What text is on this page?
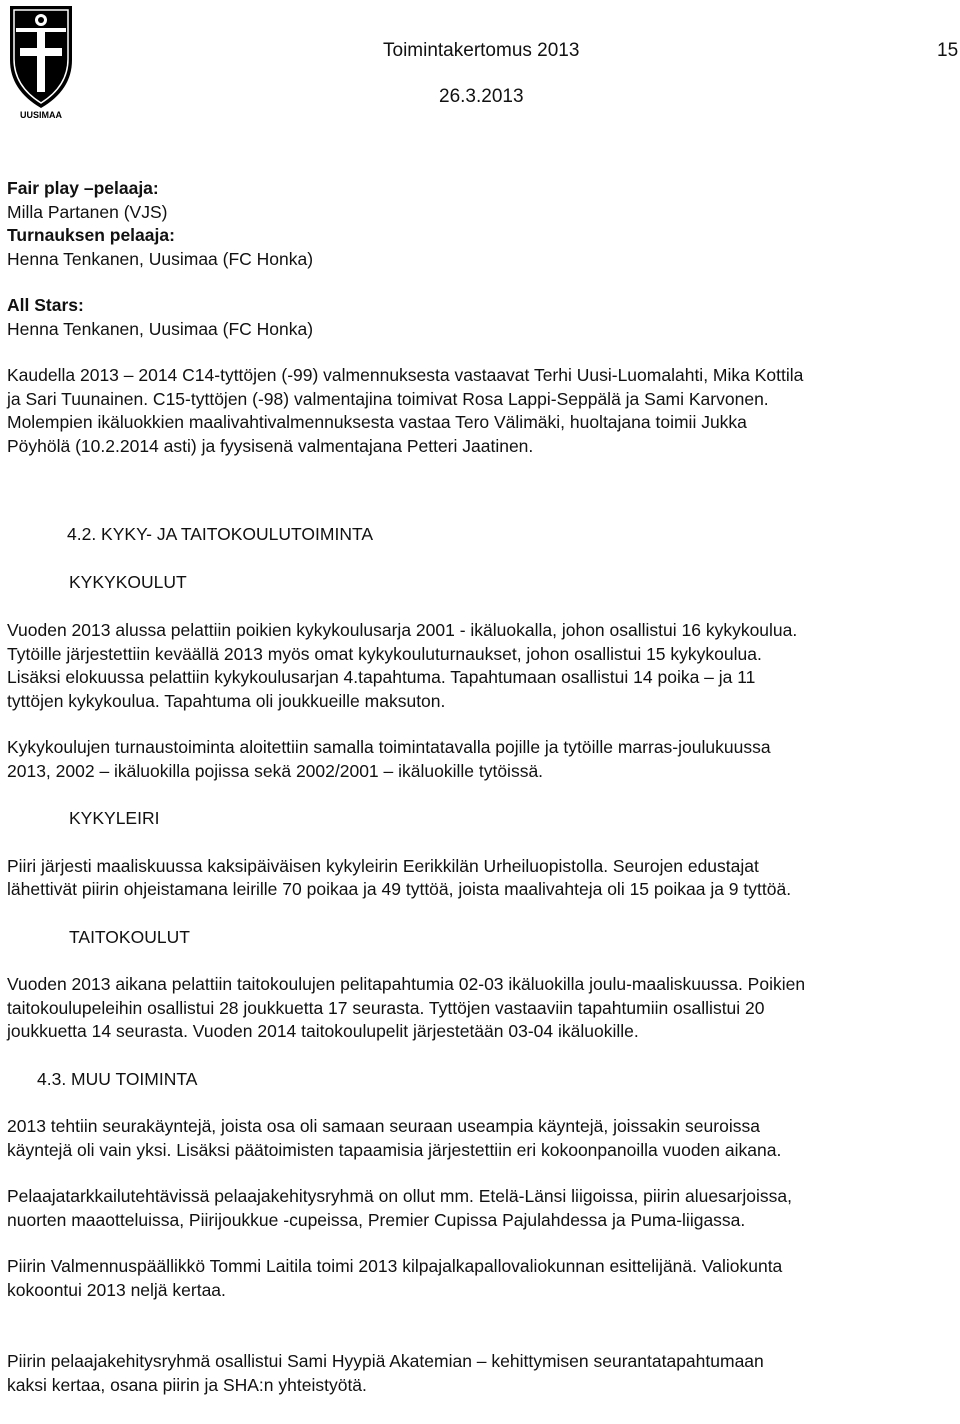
UUSIMAA
Toimintakertomus 2013	15
26.3.2013

Fair play –pelaaja:

Milla Partanen (VJS)

Turnauksen pelaaja:

Henna Tenkanen, Uusimaa (FC Honka)

All Stars:

Henna Tenkanen, Uusimaa (FC Honka)

Kaudella 2013 – 2014 C14-tyttöjen (-99) valmennuksesta vastaavat Terhi Uusi-Luomalahti, Mika Kottila

ja Sari Tuunainen. C15-tyttöjen (-98) valmentajina toimivat Rosa Lappi-Seppälä ja Sami Karvonen.

Molempien ikäluokkien maalivahtivalmennuksesta vastaa Tero Välimäki, huoltajana toimii Jukka

Pöyhölä (10.2.2014 asti) ja fyysisenä valmentajana Petteri Jaatinen.

4.2. KYKY- JA TAITOKOULUTOIMINTA

KYKYKOULUT

Vuoden 2013 alussa pelattiin poikien kykykoulusarja 2001 - ikäluokalla, johon osallistui 16 kykykoulua.

Tytöille järjestettiin keväällä 2013 myös omat kykykouluturnaukset, johon osallistui 15 kykykoulua.

Lisäksi elokuussa pelattiin kykykoulusarjan 4.tapahtuma. Tapahtumaan osallistui 14 poika – ja 11

tyttöjen kykykoulua. Tapahtuma oli joukkueille maksuton.

Kykykoulujen turnaustoiminta aloitettiin samalla toimintatavalla pojille ja tytöille marras-joulukuussa

2013, 2002 – ikäluokilla pojissa sekä 2002/2001 – ikäluokille tytöissä.

KYKYLEIRI

Piiri järjesti maaliskuussa kaksipäiväisen kykyleirin Eerikkilän Urheiluopistolla. Seurojen edustajat

lähettivät piirin ohjeistamana leirille 70 poikaa ja 49 tyttöä, joista maalivahteja oli 15 poikaa ja 9 tyttöä.

TAITOKOULUT

Vuoden 2013 aikana pelattiin taitokoulujen pelitapahtumia 02-03 ikäluokilla joulu-maaliskuussa. Poikien

taitokoulupeleihin osallistui 28 joukkuetta 17 seurasta. Tyttöjen vastaaviin tapahtumiin osallistui 20

joukkuetta 14 seurasta. Vuoden 2014 taitokoulupelit järjestetään 03-04 ikäluokille.

4.3. MUU TOIMINTA

2013 tehtiin seurakäyntejä, joista osa oli samaan seuraan useampia käyntejä, joissakin seuroissa

käyntejä oli vain yksi. Lisäksi päätoimisten tapaamisia järjestettiin eri kokoonpanoilla vuoden aikana.

Pelaajatarkkailutehtävissä pelaajakehitysryhmä on ollut mm. Etelä-Länsi liigoissa, piirin aluesarjoissa,

nuorten maaotteluissa, Piirijoukkue -cupeissa, Premier Cupissa Pajulahdessa ja Puma-liigassa.

Piirin Valmennuspäällikkö Tommi Laitila toimi 2013 kilpajalkapallovaliokunnan esittelijänä. Valiokunta

kokoontui 2013 neljä kertaa.

Piirin pelaajakehitysryhmä osallistui Sami Hyypiä Akatemian – kehittymisen seurantatapahtumaan

kaksi kertaa, osana piirin ja SHA:n yhteistyötä.
